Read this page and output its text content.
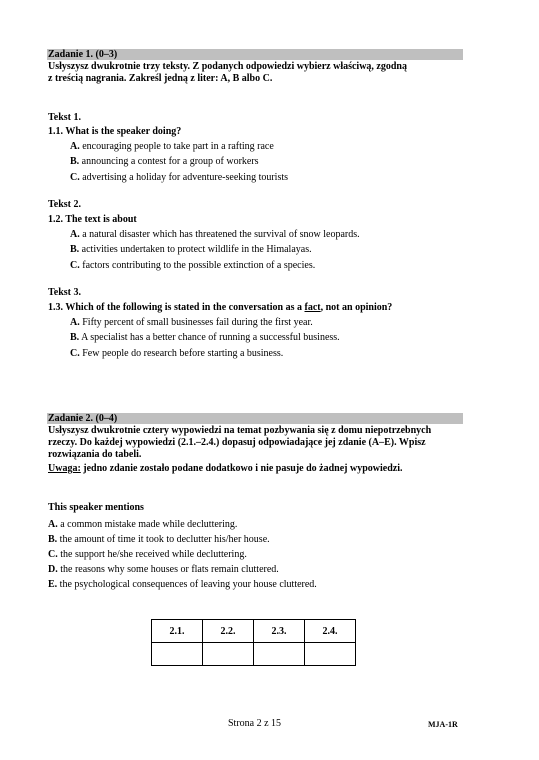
Zadanie 1. (0–3)
Usłyszysz dwukrotnie trzy teksty. Z podanych odpowiedzi wybierz właściwą, zgodną
z treścią nagrania. Zakreśl jedną z liter: A, B albo C.
Tekst 1.
1.1. What is the speaker doing?
A. encouraging people to take part in a rafting race
B. announcing a contest for a group of workers
C. advertising a holiday for adventure-seeking tourists
Tekst 2.
1.2. The text is about
A. a natural disaster which has threatened the survival of snow leopards.
B. activities undertaken to protect wildlife in the Himalayas.
C. factors contributing to the possible extinction of a species.
Tekst 3.
1.3. Which of the following is stated in the conversation as a fact, not an opinion?
A. Fifty percent of small businesses fail during the first year.
B. A specialist has a better chance of running a successful business.
C. Few people do research before starting a business.
Zadanie 2. (0–4)
Usłyszysz dwukrotnie cztery wypowiedzi na temat pozbywania się z domu niepotrzebnych
rzeczy. Do każdej wypowiedzi (2.1.–2.4.) dopasuj odpowiadające jej zdanie (A–E). Wpisz
rozwiązania do tabeli.
Uwaga: jedno zdanie zostało podane dodatkowo i nie pasuje do żadnej wypowiedzi.
This speaker mentions
A. a common mistake made while decluttering.
B. the amount of time it took to declutter his/her house.
C. the support he/she received while decluttering.
D. the reasons why some houses or flats remain cluttered.
E. the psychological consequences of leaving your house cluttered.
2.1.	2.2.	2.3.	2.4.

Strona 2 z 15	MJA-1R
